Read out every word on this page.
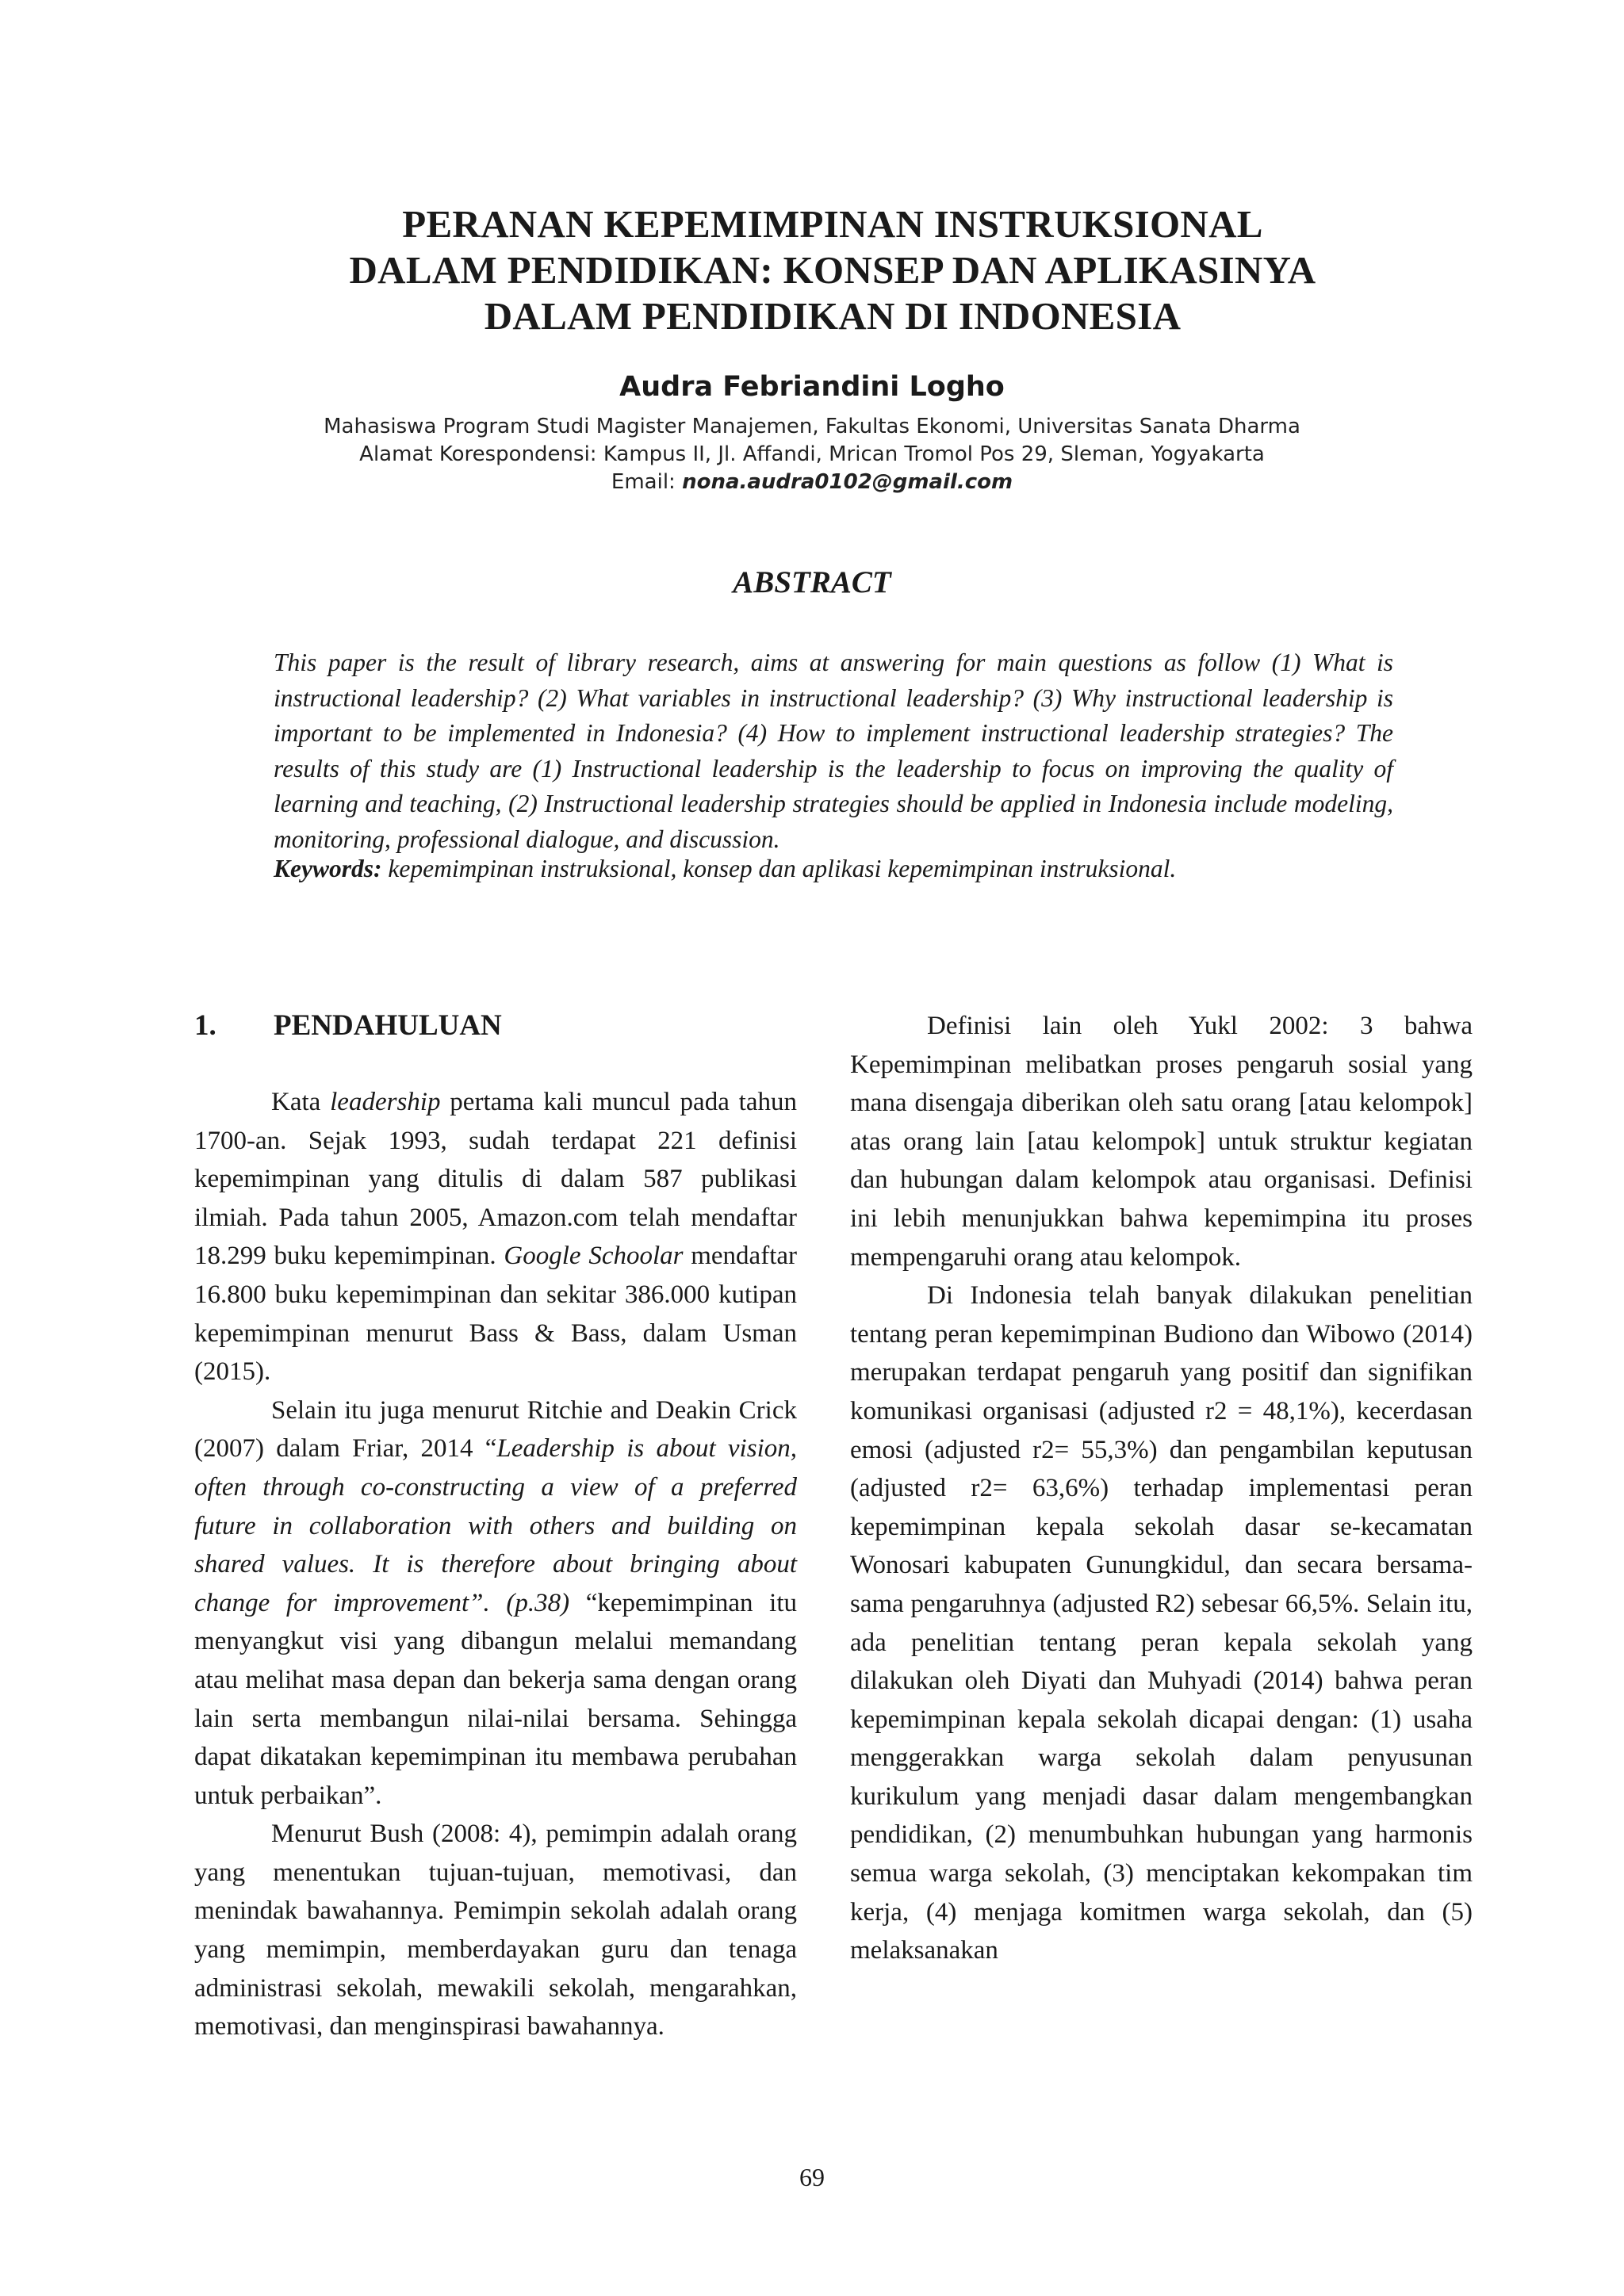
PERANAN KEPEMIMPINAN INSTRUKSIONAL
DALAM PENDIDIKAN: KONSEP DAN APLIKASINYA
DALAM PENDIDIKAN DI INDONESIA
Audra Febriandini Logho
Mahasiswa Program Studi Magister Manajemen, Fakultas Ekonomi, Universitas Sanata Dharma
Alamat Korespondensi: Kampus II, Jl. Affandi, Mrican Tromol Pos 29, Sleman, Yogyakarta
Email: nona.audra0102@gmail.com
ABSTRACT
This paper is the result of library research, aims at answering for main questions as follow (1) What is instructional leadership? (2) What variables in instructional leadership? (3) Why instructional leadership is important to be implemented in Indonesia? (4) How to implement instructional leadership strategies? The results of this study are (1) Instructional leadership is the leadership to focus on improving the quality of learning and teaching, (2) Instructional leadership strategies should be applied in Indonesia include modeling, monitoring, professional dialogue, and discussion.
Keywords: kepemimpinan instruksional, konsep dan aplikasi kepemimpinan instruksional.
1. PENDAHULUAN

Kata leadership pertama kali muncul pada tahun 1700-an. Sejak 1993, sudah terdapat 221 definisi kepemimpinan yang ditulis di dalam 587 publikasi ilmiah. Pada tahun 2005, Amazon.com telah mendaftar 18.299 buku kepemimpinan. Google Schoolar mendaftar 16.800 buku kepemimpinan dan sekitar 386.000 kutipan kepemimpinan menurut Bass & Bass, dalam Usman (2015).

Selain itu juga menurut Ritchie and Deakin Crick (2007) dalam Friar, 2014 “Leadership is about vision, often through co-constructing a view of a preferred future in collaboration with others and building on shared values. It is therefore about bringing about change for improvement”. (p.38) “kepemimpinan itu menyangkut visi yang dibangun melalui memandang atau melihat masa depan dan bekerja sama dengan orang lain serta membangun nilai-nilai bersama. Sehingga dapat dikatakan kepemimpinan itu membawa perubahan untuk perbaikan”.

Menurut Bush (2008: 4), pemimpin adalah orang yang menentukan tujuan-tujuan, memotivasi, dan menindak bawahannya. Pemimpin sekolah adalah orang yang memimpin, memberdayakan guru dan tenaga administrasi sekolah, mewakili sekolah, mengarahkan, memotivasi, dan menginspirasi bawahannya.

Definisi lain oleh Yukl 2002: 3 bahwa Kepemimpinan melibatkan proses pengaruh sosial yang mana disengaja diberikan oleh satu orang [atau kelompok] atas orang lain [atau kelompok] untuk struktur kegiatan dan hubungan dalam kelompok atau organisasi. Definisi ini lebih menunjukkan bahwa kepemimpina itu proses mempengaruhi orang atau kelompok.

Di Indonesia telah banyak dilakukan penelitian tentang peran kepemimpinan Budiono dan Wibowo (2014) merupakan terdapat pengaruh yang positif dan signifikan komunikasi organisasi (adjusted r2 = 48,1%), kecerdasan emosi (adjusted r2= 55,3%) dan pengambilan keputusan (adjusted r2= 63,6%) terhadap implementasi peran kepemimpinan kepala sekolah dasar se-kecamatan Wonosari kabupaten Gunungkidul, dan secara bersama-sama pengaruhnya (adjusted R2) sebesar 66,5%. Selain itu, ada penelitian tentang peran kepala sekolah yang dilakukan oleh Diyati dan Muhyadi (2014) bahwa peran kepemimpinan kepala sekolah dicapai dengan: (1) usaha menggerakkan warga sekolah dalam penyusunan kurikulum yang menjadi dasar dalam mengembangkan pendidikan, (2) menumbuhkan hubungan yang harmonis semua warga sekolah, (3) menciptakan kekompakan tim kerja, (4) menjaga komitmen warga sekolah, dan (5) melaksanakan

69
